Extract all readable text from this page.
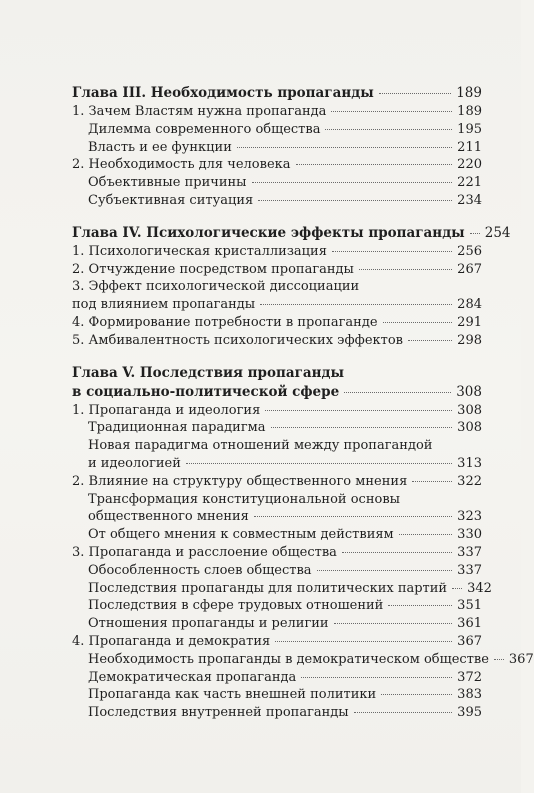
Глава III. Необходимость пропаганды	189
1. Зачем Властям нужна пропаганда	189
Дилемма современного общества	195
Власть и ее функции	211
2. Необходимость для человека	220
Объективные причины	221
Субъективная ситуация	234
Глава IV. Психологические эффекты пропаганды 254
1. Психологическая кристаллизация	256
2. Отчуждение посредством пропаганды	267
3. Эффект психологической диссоциации
под влиянием пропаганды	284
4. Формирование потребности в пропаганде	291
5. Амбивалентность психологических эффектов	298
Глава V. Последствия пропаганды
в социально-политической сфере	308
1. Пропаганда и идеология	308
Традиционная парадигма	308
Новая парадигма отношений между пропагандой
и идеологией	313
2. Влияние на структуру общественного мнения	322
Трансформация конституциональной основы
общественного мнения	323
От общего мнения к совместным действиям	330
3. Пропаганда и расслоение общества	337
Обособленность слоев общества	337
Последствия пропаганды для политических партий 342
Последствия в сфере трудовых отношений	351
Отношения пропаганды и религии	361
4. Пропаганда и демократия	367
Необходимость пропаганды в демократическом обществе 367
Демократическая пропаганда	372
Пропаганда как часть внешней политики	383
Последствия внутренней пропаганды	395
